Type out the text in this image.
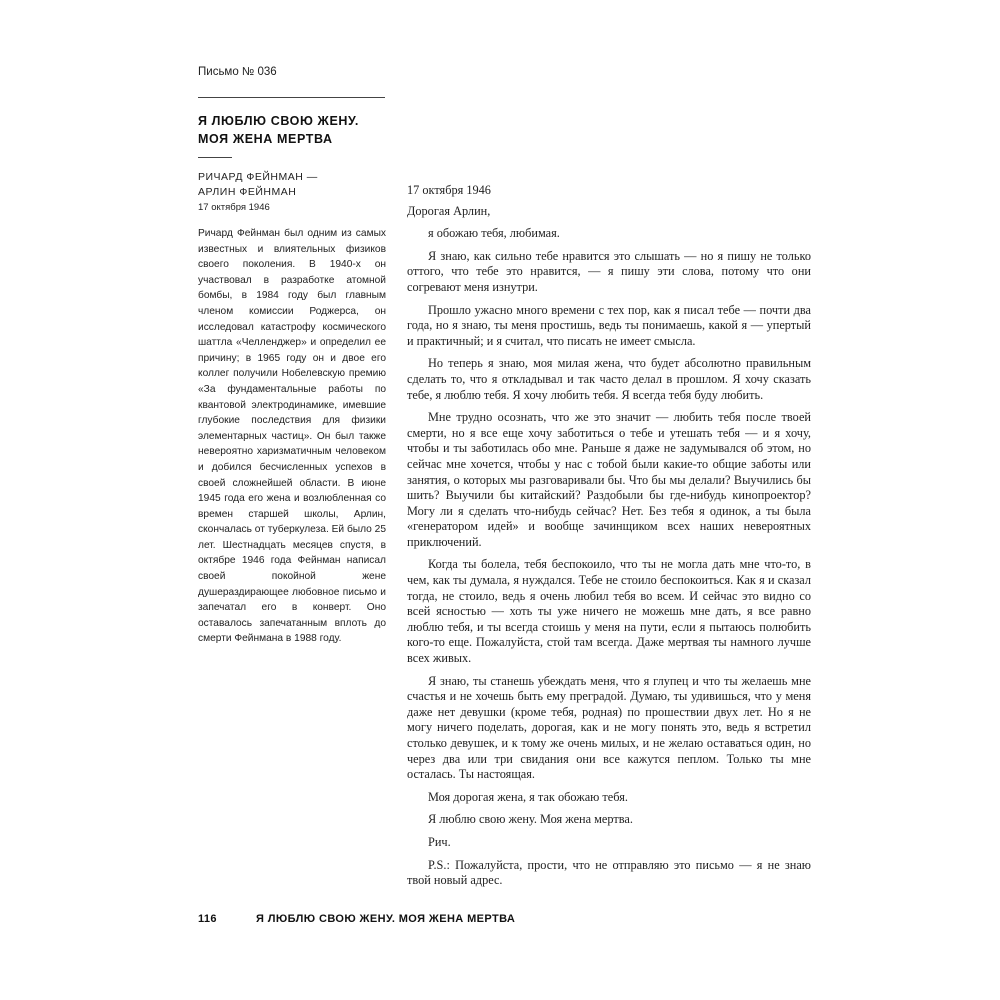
Письмо № 036
Я ЛЮБЛЮ СВОЮ ЖЕНУ.
МОЯ ЖЕНА МЕРТВА
РИЧАРД ФЕЙНМАН —
АРЛИН ФЕЙНМАН
17 октября 1946

Ричард Фейнман был одним из самых известных и влиятельных физиков своего поколения. В 1940-х он участвовал в разработке атомной бомбы, в 1984 году был главным членом комиссии Роджерса, он исследовал катастрофу космического шаттла «Челленджер» и определил ее причину; в 1965 году он и двое его коллег получили Нобелевскую премию «За фундаментальные работы по квантовой электродинамике, имевшие глубокие последствия для физики элементарных частиц». Он был также невероятно харизматичным человеком и добился бесчисленных успехов в своей сложнейшей области. В июне 1945 года его жена и возлюбленная со времен старшей школы, Арлин, скончалась от туберкулеза. Ей было 25 лет. Шестнадцать месяцев спустя, в октябре 1946 года Фейнман написал своей покойной жене душераздирающее любовное письмо и запечатал его в конверт. Оно оставалось запечатанным вплоть до смерти Фейнмана в 1988 году.

17 октября 1946

Дорогая Арлин,

я обожаю тебя, любимая.

Я знаю, как сильно тебе нравится это слышать — но я пишу не только оттого, что тебе это нравится, — я пишу эти слова, потому что они согревают меня изнутри.

Прошло ужасно много времени с тех пор, как я писал тебе — почти два года, но я знаю, ты меня простишь, ведь ты понимаешь, какой я — упертый и практичный; и я считал, что писать не имеет смысла.

Но теперь я знаю, моя милая жена, что будет абсолютно правильным сделать то, что я откладывал и так часто делал в прошлом. Я хочу сказать тебе, я люблю тебя. Я хочу любить тебя. Я всегда тебя буду любить.

Мне трудно осознать, что же это значит — любить тебя после твоей смерти, но я все еще хочу заботиться о тебе и утешать тебя — и я хочу, чтобы и ты заботилась обо мне. Раньше я даже не задумывался об этом, но сейчас мне хочется, чтобы у нас с тобой были какие-то общие заботы или занятия, о которых мы разговаривали бы. Что бы мы делали? Выучились бы шить? Выучили бы китайский? Раздобыли бы где-нибудь кинопроектор? Могу ли я сделать что-нибудь сейчас? Нет. Без тебя я одинок, а ты была «генератором идей» и вообще зачинщиком всех наших невероятных приключений.

Когда ты болела, тебя беспокоило, что ты не могла дать мне что-то, в чем, как ты думала, я нуждался. Тебе не стоило беспокоиться. Как я и сказал тогда, не стоило, ведь я очень любил тебя во всем. И сейчас это видно со всей ясностью — хоть ты уже ничего не можешь мне дать, я все равно люблю тебя, и ты всегда стоишь у меня на пути, если я пытаюсь полюбить кого-то еще. Пожалуйста, стой там всегда. Даже мертвая ты намного лучше всех живых.

Я знаю, ты станешь убеждать меня, что я глупец и что ты желаешь мне счастья и не хочешь быть ему преградой. Думаю, ты удивишься, что у меня даже нет девушки (кроме тебя, родная) по прошествии двух лет. Но я не могу ничего поделать, дорогая, как и не могу понять это, ведь я встретил столько девушек, и к тому же очень милых, и не желаю оставаться один, но через два или три свидания они все кажутся пеплом. Только ты мне осталась. Ты настоящая.

Моя дорогая жена, я так обожаю тебя.

Я люблю свою жену. Моя жена мертва.

Рич.

P.S.: Пожалуйста, прости, что не отправляю это письмо — я не знаю твой новый адрес.

116	Я ЛЮБЛЮ СВОЮ ЖЕНУ. МОЯ ЖЕНА МЕРТВА
